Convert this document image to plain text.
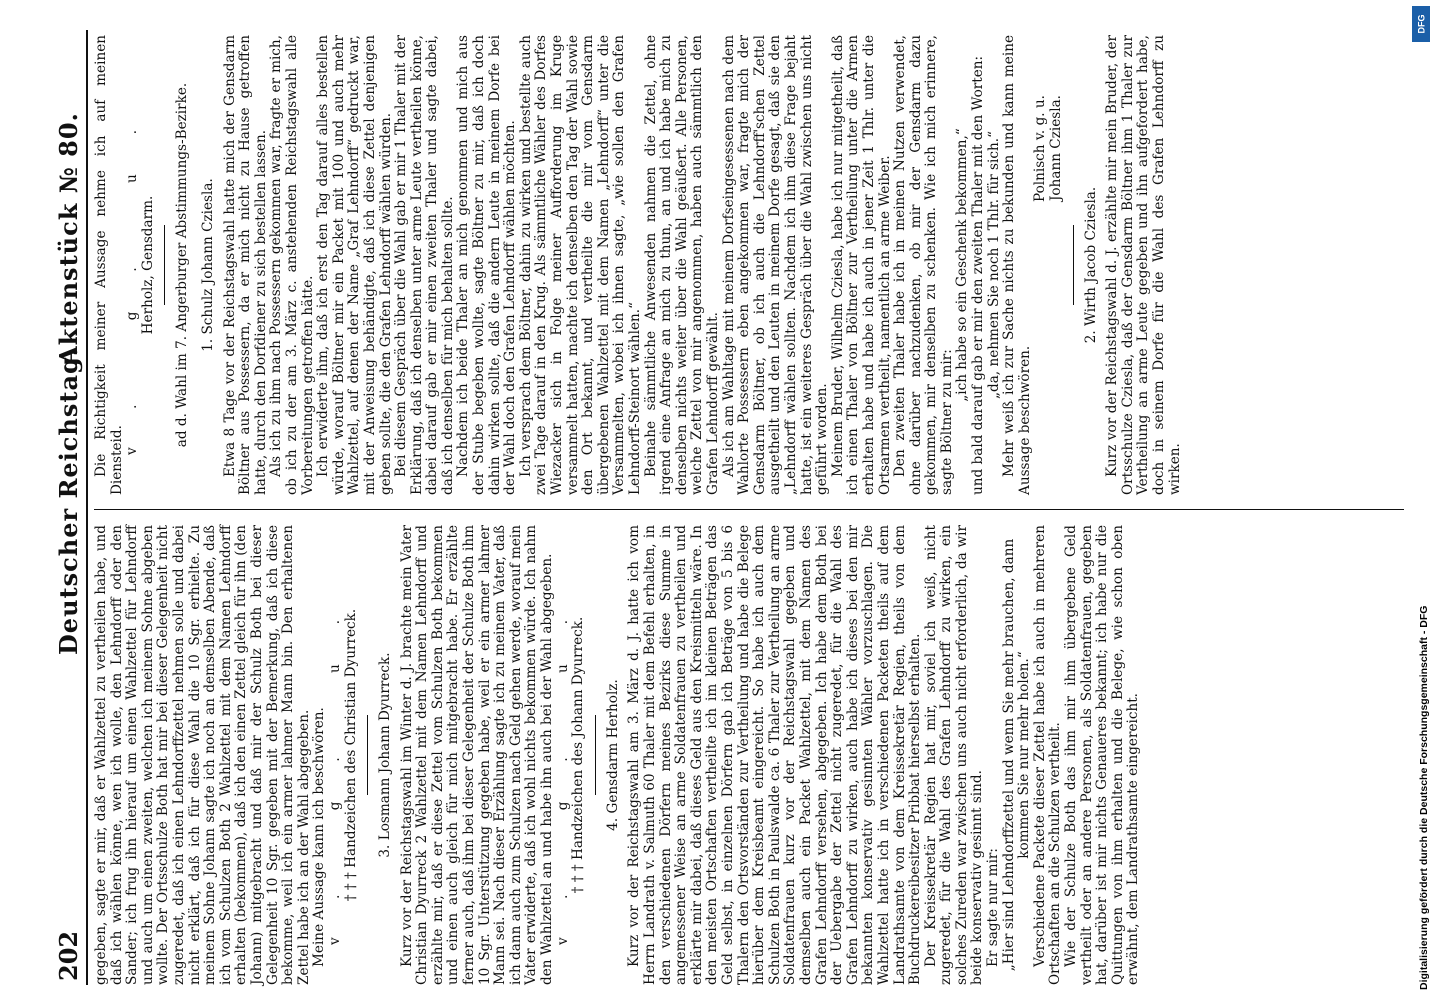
202
Deutscher Reichstag.
Aktenstück № 80.

gegeben, sagte er mir, daß er Wahlzettel zu vertheilen habe, und daß ich wählen könne, wen ich wolle, den Lehndorff oder den Sander; ich frug ihn hierauf um einen Wahlzettel für Lehndorff und auch um einen zweiten, welchen ich meinem Sohne abgeben wollte. Der Ortsschulze Both hat mir bei dieser Gelegenheit nicht zugeredet, daß ich einen Lehndorffzettel nehmen solle und dabei nicht erklärt, daß ich für diese Wahl die 10 Sgr. erhielte. Zu meinem Sohne Johann sagte ich noch an demselben Abende, daß ich vom Schulzen Both 2 Wahlzettel mit dem Namen Lehndorff erhalten (bekommen), daß ich den einen Zettel gleich für ihn (den Johann) mitgebracht und daß mir der Schulz Both bei dieser Gelegenheit 10 Sgr. gegeben mit der Bemerkung, daß ich diese bekomme, weil ich ein armer lahmer Mann bin. Den erhaltenen Zettel habe ich an der Wahl abgegeben. Meine Aussage kann ich beschwören. v. g. u. † † † Handzeichen des Christian Dyurreck. 3. Losmann Johann Dyurreck. Kurz vor der Reichstagswahl im Winter d. J. brachte mein Vater Christian Dyurreck 2 Wahlzettel mit dem Namen Lehndorff und erzählte mir, daß er diese Zettel vom Schulzen Both bekommen und einen auch gleich für mich mitgebracht habe. Er erzählte ferner auch, daß ihm bei dieser Gelegenheit der Schulze Both ihm 10 Sgr. Unterstützung gegeben habe, weil er ein armer lahmer Mann sei. Nach dieser Erzählung sagte ich zu meinem Vater, daß ich dann auch zum Schulzen nach Geld gehen werde, worauf mein Vater erwiderte, daß ich wohl nichts bekommen würde. Ich nahm den Wahlzettel an und habe ihn auch bei der Wahl abgegeben. v. g. u. † † † Handzeichen des Johann Dyurreck. 4. Gensdarm Herholz. Kurz vor der Reichstagswahl am 3. März d. J. hatte ich vom Herrn Landrath v. Salmuth 60 Thaler mit dem Befehl erhalten, in den verschiedenen Dörfern meines Bezirks diese Summe in angemessener Weise an arme Soldatenfrauen zu vertheilen und erklärte mir dabei, daß dieses Geld aus den Kreismitteln wäre. In den meisten Ortschaften vertheilte ich im kleinen Beträgen das Geld selbst, in einzelnen Dörfern gab ich Beträge von 5 bis 6 Thalern den Ortsvorständen zur Vertheilung und habe die Belege hierüber dem Kreisbeamt eingereicht. So habe ich auch dem Schulzen Both in Paulswalde ca. 6 Thaler zur Vertheilung an arme Soldatenfrauen kurz vor der Reichstagswahl gegeben und demselben auch ein Packet Wahlzettel, mit dem Namen des Grafen Lehndorff versehen, abgegeben. Ich habe dem Both bei der Uebergabe der Zettel nicht zugeredet, für die Wahl des Grafen Lehndorff zu wirken, auch habe ich dieses bei den mir bekannten konservativ gesinnten Wähler vorzuschlagen. Die Wahlzettel hatte ich in verschiedenen Packeten theils auf dem Landrathsamte von dem Kreissekretär Regien, theils von dem Buchdruckereibesitzer Pribbat hierselbst erhalten. Der Kreissekretär Regien hat mir, soviel ich weiß, nicht zugeredet, für die Wahl des Grafen Lehndorff zu wirken, ein solches Zureden war zwischen uns auch nicht erforderlich, da wir beide konservativ gesinnt sind. Er sagte nur mir: „Hier sind Lehndorffzettel und wenn Sie mehr brauchen, dann kommen Sie nur mehr holen.“ Verschiedene Packete dieser Zettel habe ich auch in mehreren Ortschaften an die Schulzen vertheilt. Wie der Schulze Both das ihm mir ihm übergebene Geld vertheilt oder an andere Personen, als Soldatenfrauen, gegeben hat, darüber ist mir nichts Genaueres bekannt; ich habe nur die Quittungen von ihm erhalten und die Belege, wie schon oben erwähnt, dem Landrathsamte eingereicht.

Die Richtigkeit meiner Aussage nehme ich auf meinen Diensteid.

v. g. u. Herholz, Gensdarm. ad d. Wahl im 7. Angerburger Abstimmungs-Bezirke. 1. Schulz Johann Czieslа. Etwa 8 Tage vor der Reichstagswahl hatte mich der Gensdarm Böltner aus Possessern, da er mich nicht zu Hause getroffen hatte, durch den Dorfdiener zu sich bestellen lassen. Als ich zu ihm nach Possessern gekommen war, fragte er mich, ob ich zu der am 3. März c. anstehenden Reichstagswahl alle Vorbereitungen getroffen hätte. Ich erwiderte ihm, daß ich erst den Tag darauf alles bestellen würde, worauf Böltner mir ein Packet mit 100 und auch mehr Wahlzettel, auf denen der Name „Graf Lehndorff“ gedruckt war, mit der Anweisung behändigte, daß ich diese Zettel denjenigen geben sollte, die den Grafen Lehndorff wählen würden. Bei diesem Gespräch über die Wahl gab er mir 1 Thaler mit der Erklärung, daß ich denselben unter arme Leute vertheilen könne, dabei darauf gab er mir einen zweiten Thaler und sagte dabei, daß ich denselben für mich behalten sollte. Nachdem ich beide Thaler an mich genommen und mich aus der Stube begeben wollte, sagte Böltner zu mir, daß ich doch dahin wirken sollte, daß die andern Leute in meinem Dorfe bei der Wahl doch den Grafen Lehndorff wählen möchten. Ich versprach dem Böltner, dahin zu wirken und bestellte auch zwei Tage darauf in den Krug. Als sämmtliche Wähler des Dorfes Wiezacker sich in Folge meiner Aufforderung im Kruge versammelt hatten, machte ich denselben den Tag der Wahl sowie den Ort bekannt, und vertheilte die mir vom Gensdarm übergebenen Wahlzettel mit dem Namen „Lehndorff“ unter die Versammelten, wobei ich ihnen sagte, „wie sollen den Grafen Lehndorff-Steinort wählen.“ Beinahe sämmtliche Anwesenden nahmen die Zettel, ohne irgend eine Anfrage an mich zu thun, an und ich habe mich zu denselben nichts weiter über die Wahl geäußert. Alle Personen, welche Zettel von mir angenommen, haben auch sämmtlich den Grafen Lehndorff gewählt. Als ich am Wahltage mit meinem Dorfseingesessenen nach dem Wahlorte Possessern eben angekommen war, fragte mich der Gensdarm Böltner, ob ich auch die Lehndorff'schen Zettel ausgetheilt und den Leuten in meinem Dorfe gesagt, daß sie den „Lehndorff wählen sollten. Nachdem ich ihm diese Frage bejaht hatte, ist ein weiteres Gespräch über die Wahl zwischen uns nicht geführt worden. Meinem Bruder, Wilhelm Cziesla, habe ich nur mitgetheilt, daß ich einen Thaler von Böltner zur Vertheilung unter die Armen erhalten habe und habe ich auch in jener Zeit 1 Thlr. unter die Ortsarmen vertheilt, namentlich an arme Weiber. Den zweiten Thaler habe ich in meinen Nutzen verwendet, ohne darüber nachzudenken, ob mir der Gensdarm dazu gekommen, mir denselben zu schenken. Wie ich mich erinnere, sagte Böltner zu mir:

„ich habe so ein Geschenk bekommen,“ und bald darauf gab er mir den zweiten Thaler mit den Worten: „da, nehmen Sie noch 1 Thlr. für sich.“ Mehr weiß ich zur Sache nichts zu bekunden und kann meine Aussage beschwören.

Polnisch v. g. u. Johann Cziesla.

2. Wirth Jacob Cziesla. Kurz vor der Reichstagswahl d. J. erzählte mir mein Bruder, der Ortsschulze Cziesla, daß der Gensdarm Böltner ihm 1 Thaler zur Vertheilung an arme Leute gegeben und ihn aufgefordert habe, doch in seinem Dorfe für die Wahl des Grafen Lehndorff zu wirken.

DFG
Digitalisierung gefördert durch die Deutsche Forschungsgemeinschaft - DFG
